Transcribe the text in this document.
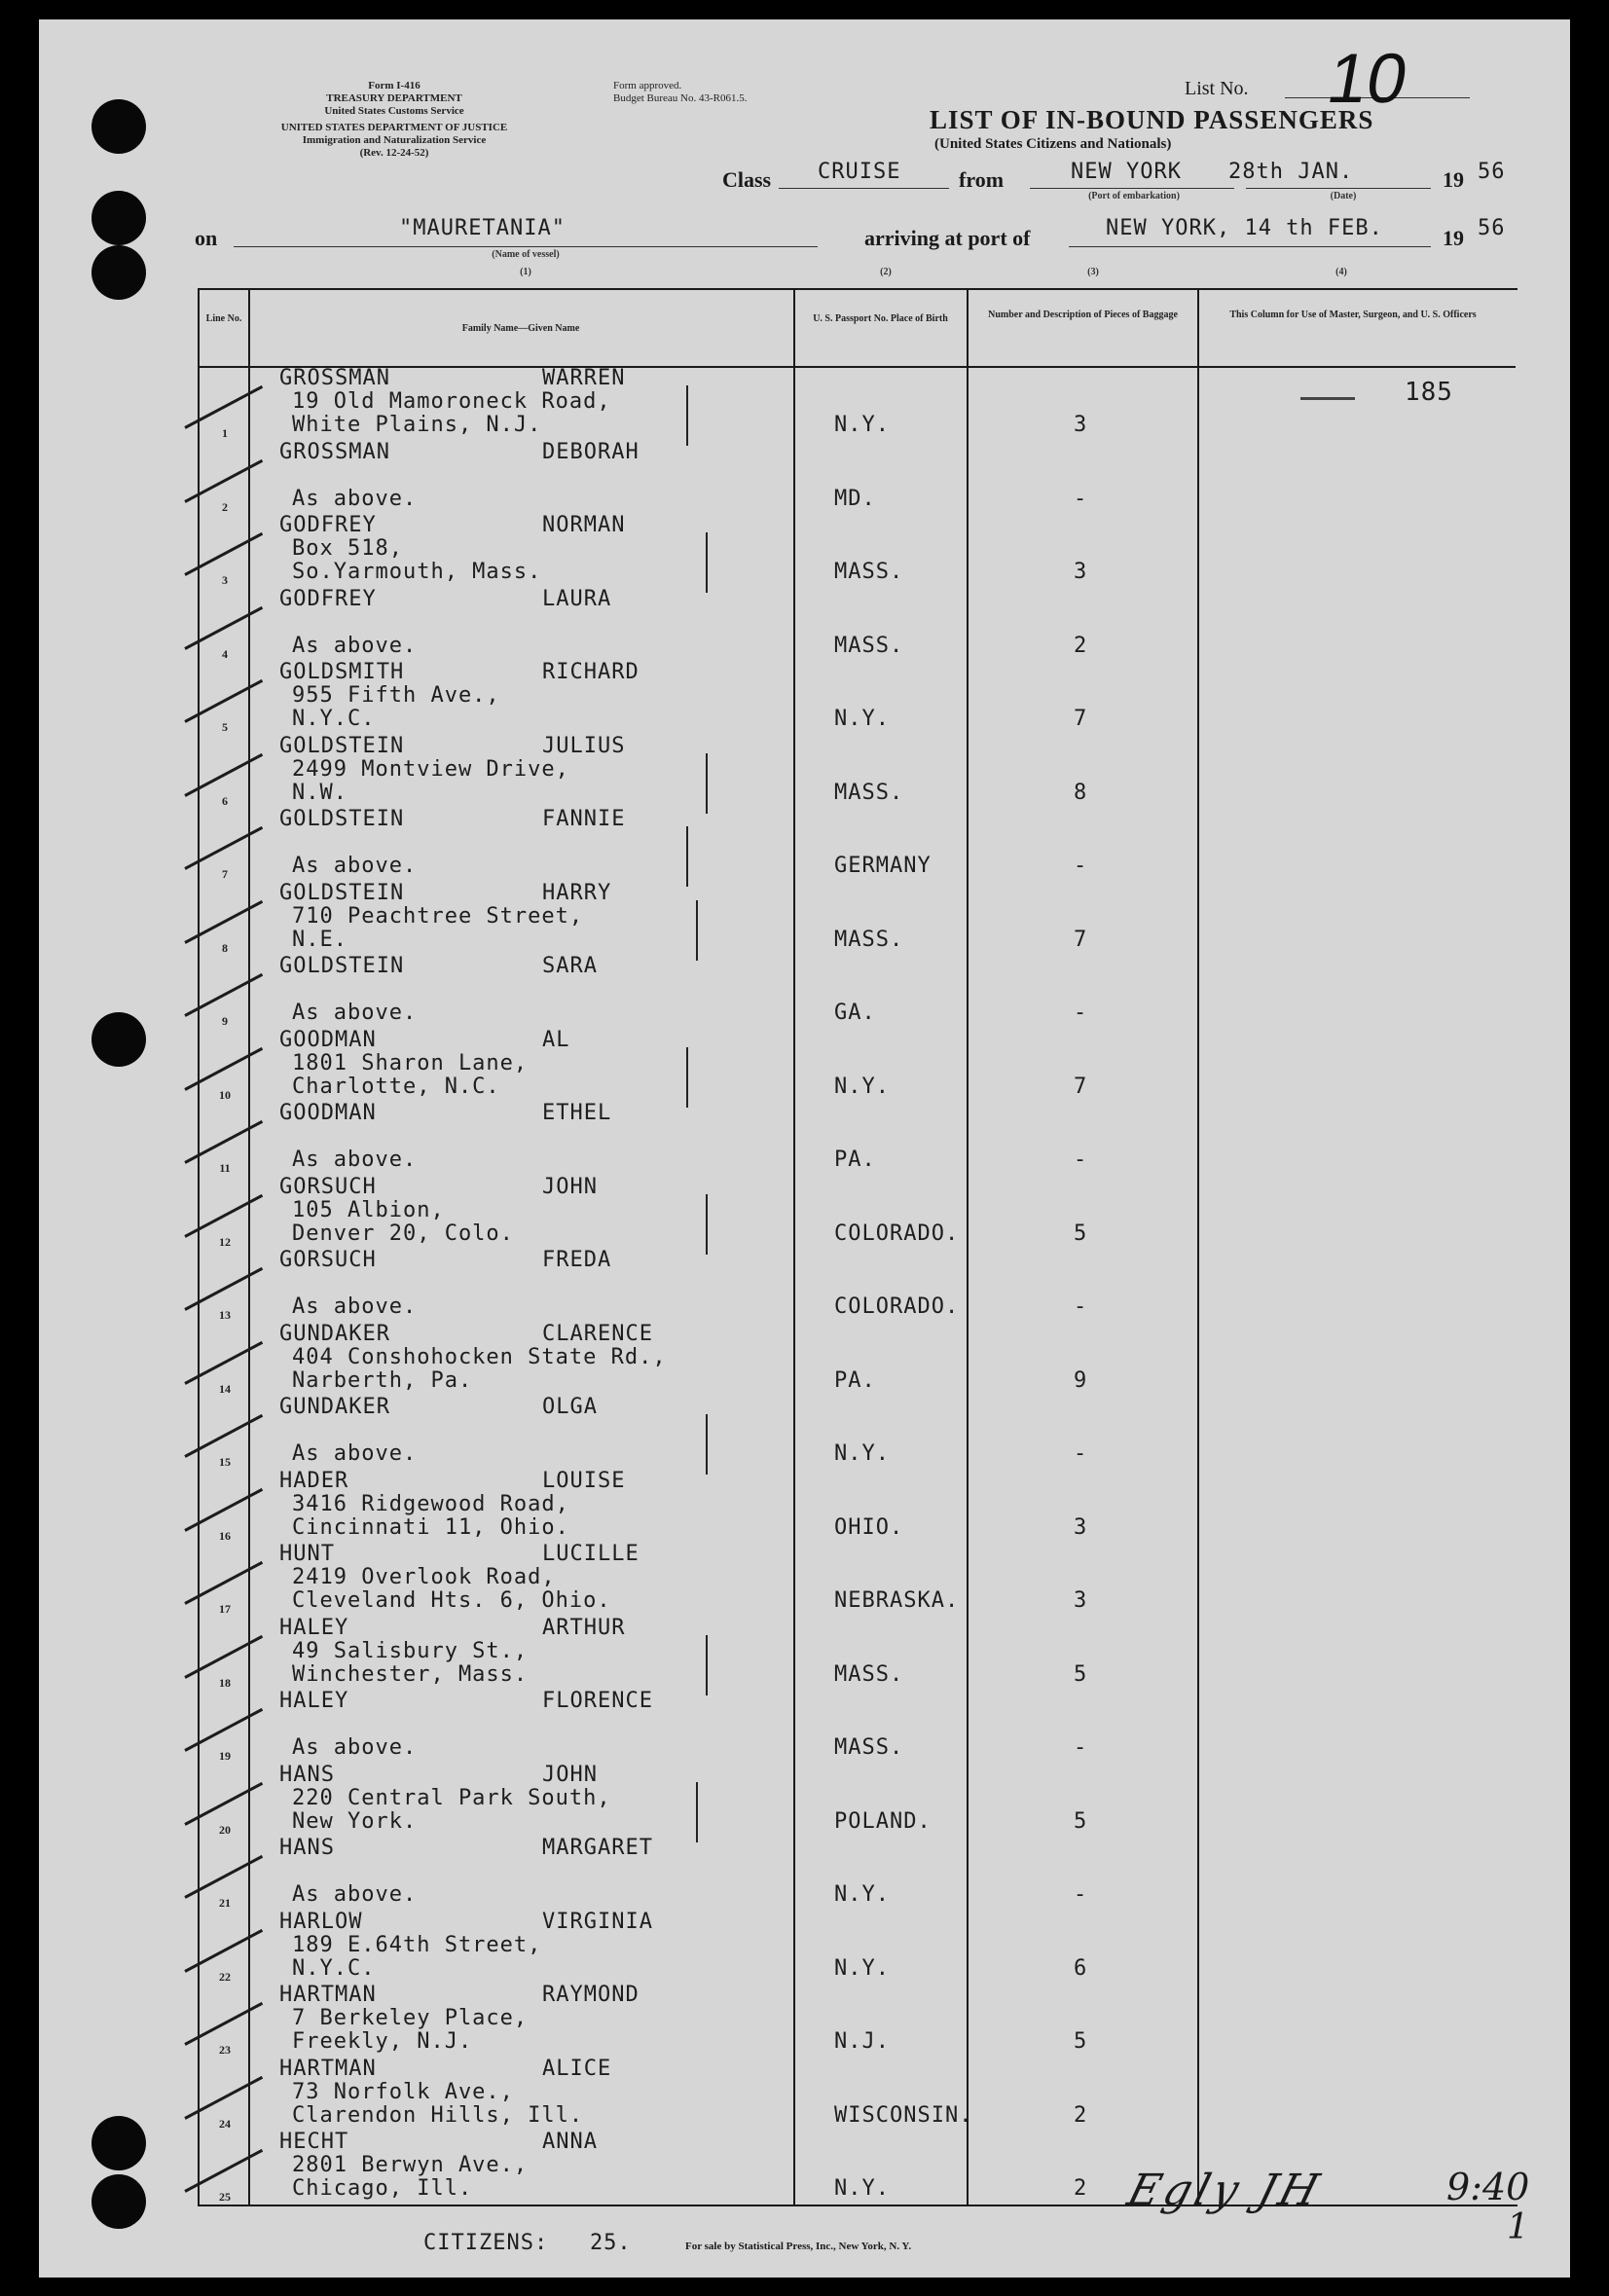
Form I-416
TREASURY DEPARTMENT
United States Customs Service
UNITED STATES DEPARTMENT OF JUSTICE
Immigration and Naturalization Service
(Rev. 12-24-52)
Form approved.
Budget Bureau No. 43-R061.5.	List No. 10
LIST OF IN-BOUND PASSENGERS
(United States Citizens and Nationals)
Class CRUISE	from	NEW YORK
(Port of embarkation)
28th JAN.
(Date)
19 56
on	"MAURETANIA"
(Name of vessel)
arriving at port of	NEW YORK, 14 th FEB.	19 56
(1)	(2)	(3)	(4)
Line No.
Family Name—Given Name
U. S. Passport No. Place of Birth	Number and Description of Pieces of Baggage	This Column for Use of Master, Surgeon, and U. S. Officers
185
1
GROSSMAN	WARREN
19 Old Mamoroneck Road,
White Plains, N.J.	N.Y.	3
2
GROSSMAN	DEBORAH
As above.	MD.	-
3
GODFREY	NORMAN
Box 518,
So.Yarmouth, Mass.	MASS.	3
4
GODFREY	LAURA
As above.	MASS.	2
5
GOLDSMITH	RICHARD
955 Fifth Ave.,
N.Y.C.	N.Y.	7
6
GOLDSTEIN	JULIUS
2499 Montview Drive,
N.W.	MASS.	8
7
GOLDSTEIN	FANNIE
As above.	GERMANY	-
8
GOLDSTEIN	HARRY
710 Peachtree Street,
N.E.	MASS.	7
9
GOLDSTEIN	SARA
As above.	GA.	-
10
GOODMAN	AL
1801 Sharon Lane,
Charlotte, N.C.	N.Y.	7
11
GOODMAN	ETHEL
As above.	PA.	-
12
GORSUCH	JOHN
105 Albion,
Denver 20, Colo.	COLORADO.	5
13
GORSUCH	FREDA
As above.	COLORADO.	-
14
GUNDAKER	CLARENCE
404 Conshohocken State Rd.,
Narberth, Pa.	PA.	9
15
GUNDAKER	OLGA
As above.	N.Y.	-
16
HADER	LOUISE
3416 Ridgewood Road,
Cincinnati 11, Ohio.	OHIO.	3
17
HUNT	LUCILLE
2419 Overlook Road,
Cleveland Hts. 6, Ohio.	NEBRASKA.	3
18
HALEY	ARTHUR
49 Salisbury St.,
Winchester, Mass.	MASS.	5
19
HALEY	FLORENCE
As above.	MASS.	-
20
HANS	JOHN
220 Central Park South,
New York.	POLAND.	5
21
HANS	MARGARET
As above.	N.Y.	-
22
HARLOW	VIRGINIA
189 E.64th Street,
N.Y.C.	N.Y.	6
23
HARTMAN	RAYMOND
7 Berkeley Place,
Freekly, N.J.	N.J.	5
24
HARTMAN	ALICE
73 Norfolk Ave.,
Clarendon Hills, Ill.	WISCONSIN.	2
25
HECHT	ANNA
2801 Berwyn Ave.,
Chicago, Ill.	N.Y.	2
CITIZENS:   25.	For sale by Statistical Press, Inc., New York, N. Y.
Egly JH	9:40
1
